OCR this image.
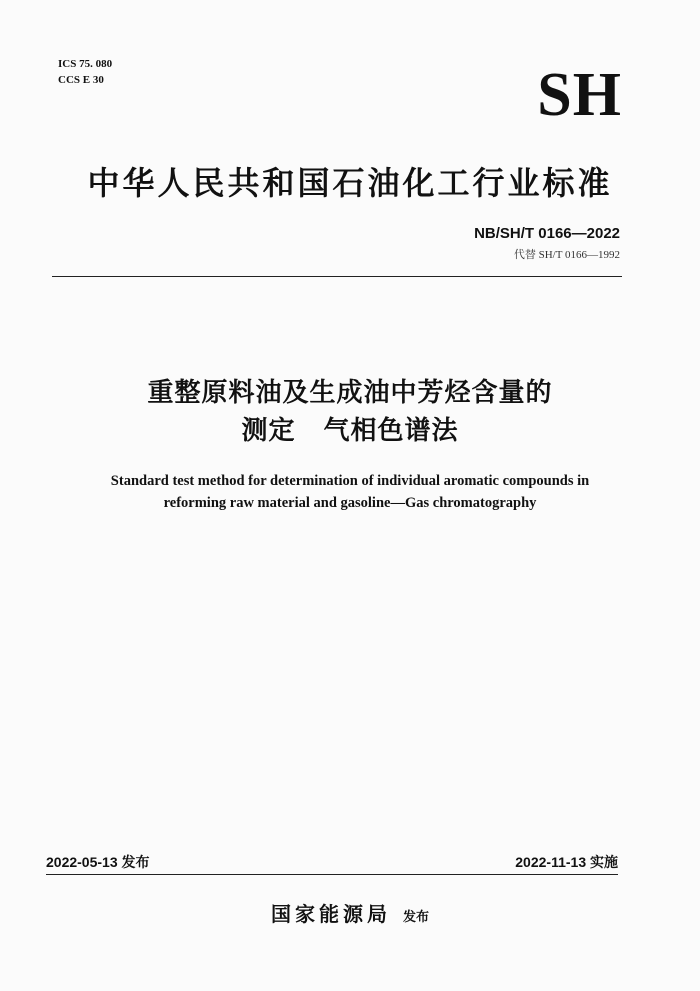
ICS 75. 080
CCS E 30	SH
中华人民共和国石油化工行业标准
NB/SH/T 0166—2022
代替 SH/T 0166—1992
重整原料油及生成油中芳烃含量的
测定 气相色谱法
Standard test method for determination of individual aromatic compounds in
reforming raw material and gasoline—Gas chromatography
2022-05-13 发布	2022-11-13 实施
国家能源局 发布
